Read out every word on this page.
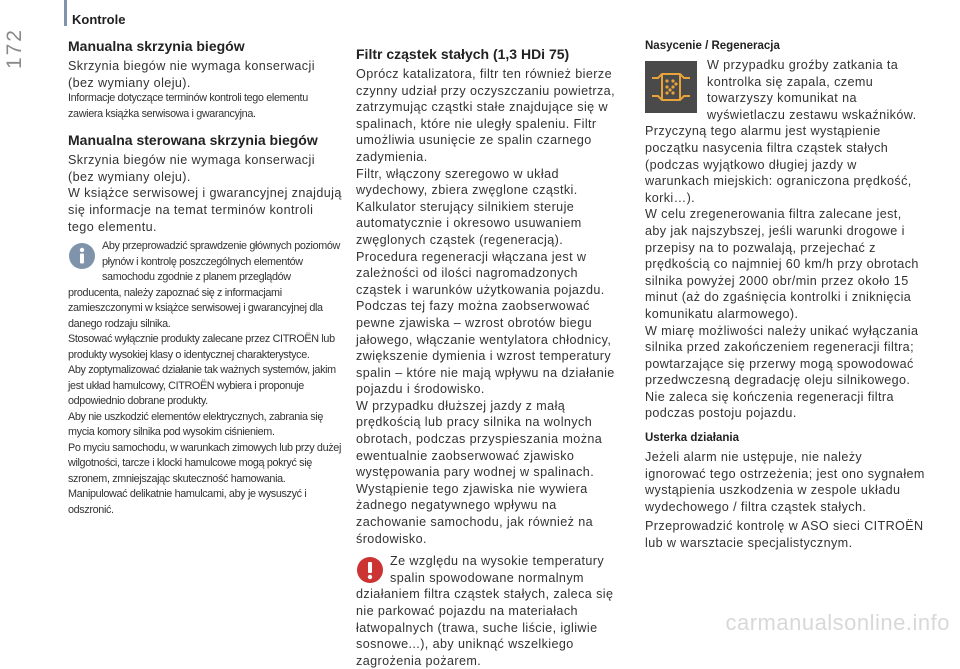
172
Kontrole
Manualna skrzynia biegów

Skrzynia biegów nie wymaga konserwacji (bez wymiany oleju).

Informacje dotyczące terminów kontroli tego elementu zawiera książka serwisowa i gwarancyjna.

Manualna sterowana skrzynia biegów

Skrzynia biegów nie wymaga konserwacji (bez wymiany oleju).

W książce serwisowej i gwarancyjnej znajdują się informacje na temat terminów kontroli tego elementu.

Aby przeprowadzić sprawdzenie głównych poziomów płynów i kontrolę poszczególnych elementów samochodu zgodnie z planem przeglądów producenta, należy zapoznać się z informacjami zamieszczonymi w książce serwisowej i gwarancyjnej dla danego rodzaju silnika.

Stosować wyłącznie produkty zalecane przez CITROËN lub produkty wysokiej klasy o identycznej charakterystyce.

Aby zoptymalizować działanie tak ważnych systemów, jakim jest układ hamulcowy, CITROËN wybiera i proponuje odpowiednio dobrane produkty.

Aby nie uszkodzić elementów elektrycznych, zabrania się mycia komory silnika pod wysokim ciśnieniem.

Po myciu samochodu, w warunkach zimowych lub przy dużej wilgotności, tarcze i klocki hamulcowe mogą pokryć się szronem, zmniejszając skuteczność hamowania. Manipulować delikatnie hamulcami, aby je wysuszyć i odszronić.

Filtr cząstek stałych (1,3 HDi 75)

Oprócz katalizatora, filtr ten również bierze czynny udział przy oczyszczaniu powietrza, zatrzymując cząstki stałe znajdujące się w spalinach, które nie uległy spaleniu. Filtr umożliwia usunięcie ze spalin czarnego zadymienia.

Filtr, włączony szeregowo w układ wydechowy, zbiera zwęglone cząstki. Kalkulator sterujący silnikiem steruje automatycznie i okresowo usuwaniem zwęglonych cząstek (regeneracją). Procedura regeneracji włączana jest w zależności od ilości nagromadzonych cząstek i warunków użytkowania pojazdu. Podczas tej fazy można zaobserwować pewne zjawiska – wzrost obrotów biegu jałowego, włączanie wentylatora chłodnicy, zwiększenie dymienia i wzrost temperatury spalin – które nie mają wpływu na działanie pojazdu i środowisko.

W przypadku dłuższej jazdy z małą prędkością lub pracy silnika na wolnych obrotach, podczas przyspieszania można ewentualnie zaobserwować zjawisko występowania pary wodnej w spalinach. Wystąpienie tego zjawiska nie wywiera żadnego negatywnego wpływu na zachowanie samochodu, jak również na środowisko.

Ze względu na wysokie temperatury spalin spowodowane normalnym działaniem filtra cząstek stałych, zaleca się nie parkować pojazdu na materiałach łatwopalnych (trawa, suche liście, igliwie sosnowe...), aby uniknąć wszelkiego zagrożenia pożarem.

Nasycenie / Regeneracja

W przypadku groźby zatkania ta kontrolka się zapala, czemu towarzyszy komunikat na wyświetlaczu zestawu wskaźników.

Przyczyną tego alarmu jest wystąpienie początku nasycenia filtra cząstek stałych (podczas wyjątkowo długiej jazdy w warunkach miejskich: ograniczona prędkość, korki…).

W celu zregenerowania filtra zalecane jest, aby jak najszybszej, jeśli warunki drogowe i przepisy na to pozwalają, przejechać z prędkością co najmniej 60 km/h przy obrotach silnika powyżej 2000 obr/min przez około 15 minut (aż do zgaśnięcia kontrolki i zniknięcia komunikatu alarmowego).

W miarę możliwości należy unikać wyłączania silnika przed zakończeniem regeneracji filtra; powtarzające się przerwy mogą spowodować przedwczesną degradację oleju silnikowego. Nie zaleca się kończenia regeneracji filtra podczas postoju pojazdu.

Usterka działania

Jeżeli alarm nie ustępuje, nie należy ignorować tego ostrzeżenia; jest ono sygnałem wystąpienia uszkodzenia w zespole układu wydechowego / filtra cząstek stałych.

Przeprowadzić kontrolę w ASO sieci CITROËN lub w warsztacie specjalistycznym.

carmanualsonline.info
